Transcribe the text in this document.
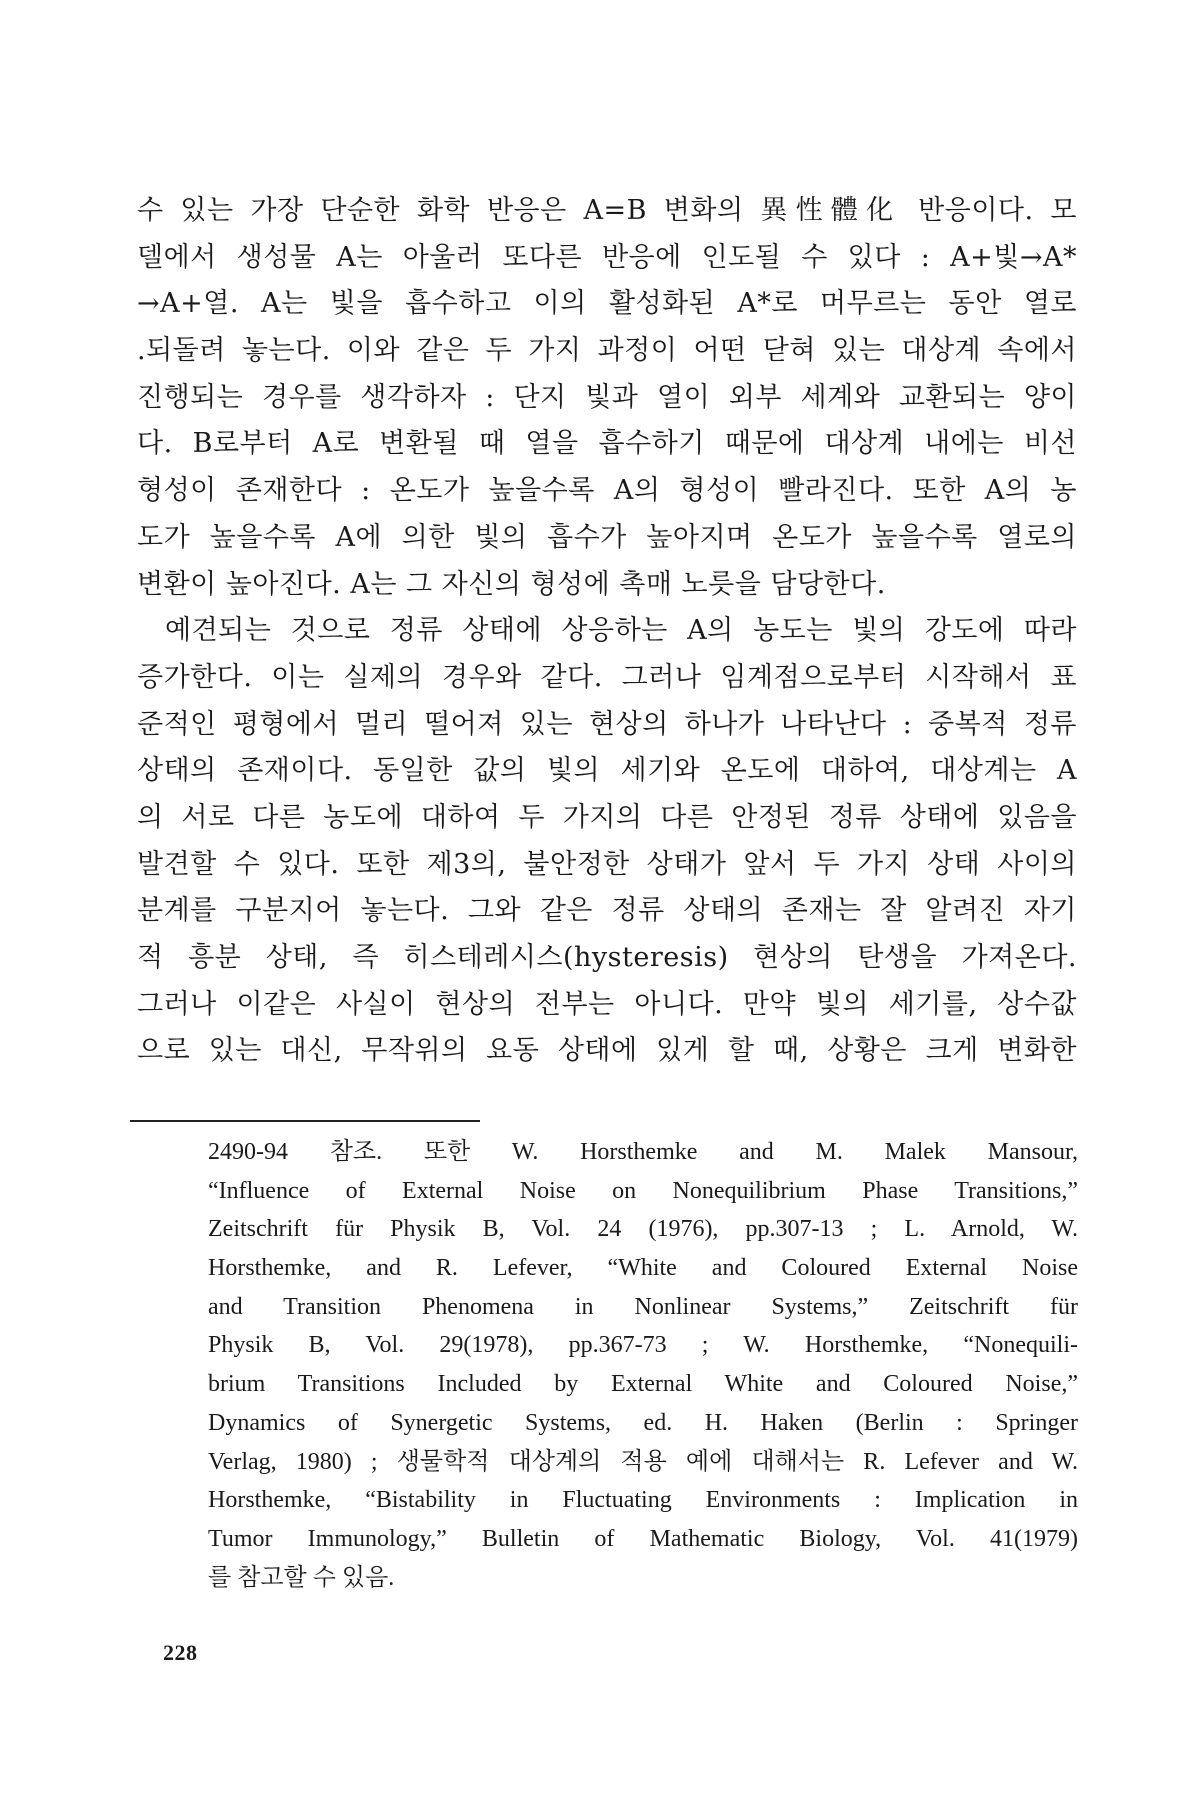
수 있는 가장 단순한 화학 반응은 A=B 변화의 異性體化 반응이다. 모
델에서 생성물 A는 아울러 또다른 반응에 인도될 수 있다 : A+빛→A*
→A+열. A는 빛을 흡수하고 이의 활성화된 A*로 머무르는 동안 열로
.되돌려 놓는다. 이와 같은 두 가지 과정이 어떤 닫혀 있는 대상계 속에서
진행되는 경우를 생각하자 : 단지 빛과 열이 외부 세계와 교환되는 양이
다. B로부터 A로 변환될 때 열을 흡수하기 때문에 대상계 내에는 비선
형성이 존재한다 : 온도가 높을수록 A의 형성이 빨라진다. 또한 A의 농
도가 높을수록 A에 의한 빛의 흡수가 높아지며 온도가 높을수록 열로의
변환이 높아진다. A는 그 자신의 형성에 촉매 노릇을 담당한다.
예견되는 것으로 정류 상태에 상응하는 A의 농도는 빛의 강도에 따라
증가한다. 이는 실제의 경우와 같다. 그러나 임계점으로부터 시작해서 표
준적인 평형에서 멀리 떨어져 있는 현상의 하나가 나타난다 : 중복적 정류
상태의 존재이다. 동일한 값의 빛의 세기와 온도에 대하여, 대상계는 A
의 서로 다른 농도에 대하여 두 가지의 다른 안정된 정류 상태에 있음을
발견할 수 있다. 또한 제3의, 불안정한 상태가 앞서 두 가지 상태 사이의
분계를 구분지어 놓는다. 그와 같은 정류 상태의 존재는 잘 알려진 자기
적 흥분 상태, 즉 히스테레시스(hysteresis) 현상의 탄생을 가져온다.
그러나 이같은 사실이 현상의 전부는 아니다. 만약 빛의 세기를, 상수값
으로 있는 대신, 무작위의 요동 상태에 있게 할 때, 상황은 크게 변화한
2490-94 참조. 또한 W. Horsthemke and M. Malek Mansour,
“Influence of External Noise on Nonequilibrium Phase Transitions,”
Zeitschrift für Physik B, Vol. 24 (1976), pp.307-13 ; L. Arnold, W.
Horsthemke, and R. Lefever, “White and Coloured External Noise
and Transition Phenomena in Nonlinear Systems,” Zeitschrift für
Physik B, Vol. 29(1978), pp.367-73 ; W. Horsthemke, “Nonequili-
brium Transitions Included by External White and Coloured Noise,”
Dynamics of Synergetic Systems, ed. H. Haken (Berlin : Springer
Verlag, 1980) ; 생물학적 대상계의 적용 예에 대해서는 R. Lefever and W.
Horsthemke, “Bistability in Fluctuating Environments : Implication in
Tumor Immunology,” Bulletin of Mathematic Biology, Vol. 41(1979)
를 참고할 수 있음.
228
